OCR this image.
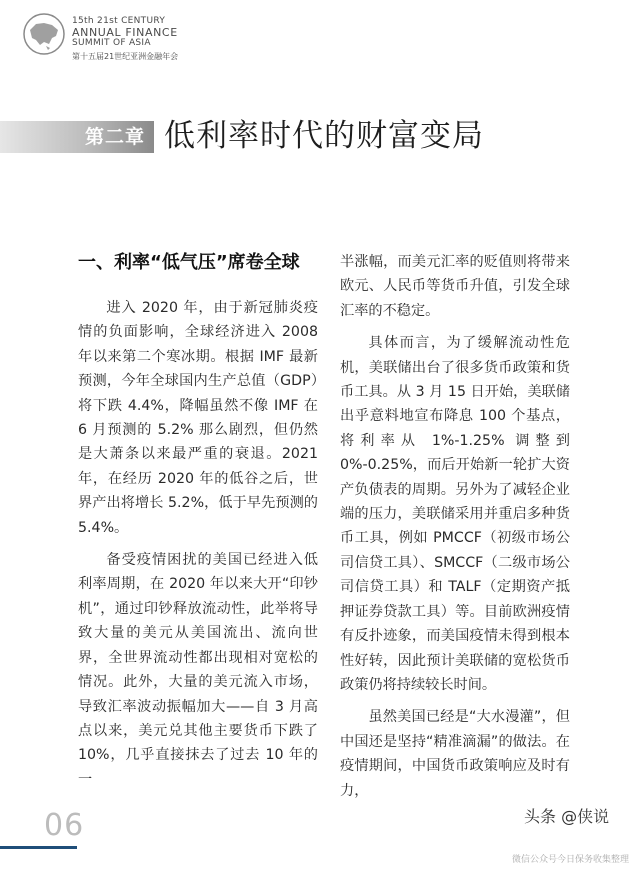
15th 21st CENTURY
ANNUAL FINANCE
SUMMIT OF ASIA
第十五届21世纪亚洲金融年会
第二章 低利率时代的财富变局
一、利率“低气压”席卷全球

进入 2020 年，由于新冠肺炎疫情的负面影响，全球经济进入 2008 年以来第二个寒冰期。根据 IMF 最新预测，今年全球国内生产总值（GDP）将下跌 4.4%，降幅虽然不像 IMF 在 6 月预测的 5.2% 那么剧烈，但仍然是大萧条以来最严重的衰退。2021 年，在经历 2020 年的低谷之后，世界产出将增长 5.2%，低于早先预测的 5.4%。

备受疫情困扰的美国已经进入低利率周期，在 2020 年以来大开“印钞机”，通过印钞释放流动性，此举将导致大量的美元从美国流出、流向世界，全世界流动性都出现相对宽松的情况。此外，大量的美元流入市场，导致汇率波动振幅加大——自 3 月高点以来，美元兑其他主要货币下跌了 10%，几乎直接抹去了过去 10 年的一

半涨幅，而美元汇率的贬值则将带来欧元、人民币等货币升值，引发全球汇率的不稳定。

具体而言，为了缓解流动性危机，美联储出台了很多货币政策和货币工具。从 3 月 15 日开始，美联储出乎意料地宣布降息 100 个基点，将利率从 1%-1.25% 调整到 0%-0.25%，而后开始新一轮扩大资产负债表的周期。另外为了减轻企业端的压力，美联储采用并重启多种货币工具，例如 PMCCF（初级市场公司信贷工具）、SMCCF（二级市场公司信贷工具）和 TALF（定期资产抵押证券贷款工具）等。目前欧洲疫情有反扑迹象，而美国疫情未得到根本性好转，因此预计美联储的宽松货币政策仍将持续较长时间。

虽然美国已经是“大水漫灌”，但中国还是坚持“精准滴漏”的做法。在疫情期间，中国货币政策响应及时有力，

06	头条 @侠说
微信公众号今日保务收集整理
